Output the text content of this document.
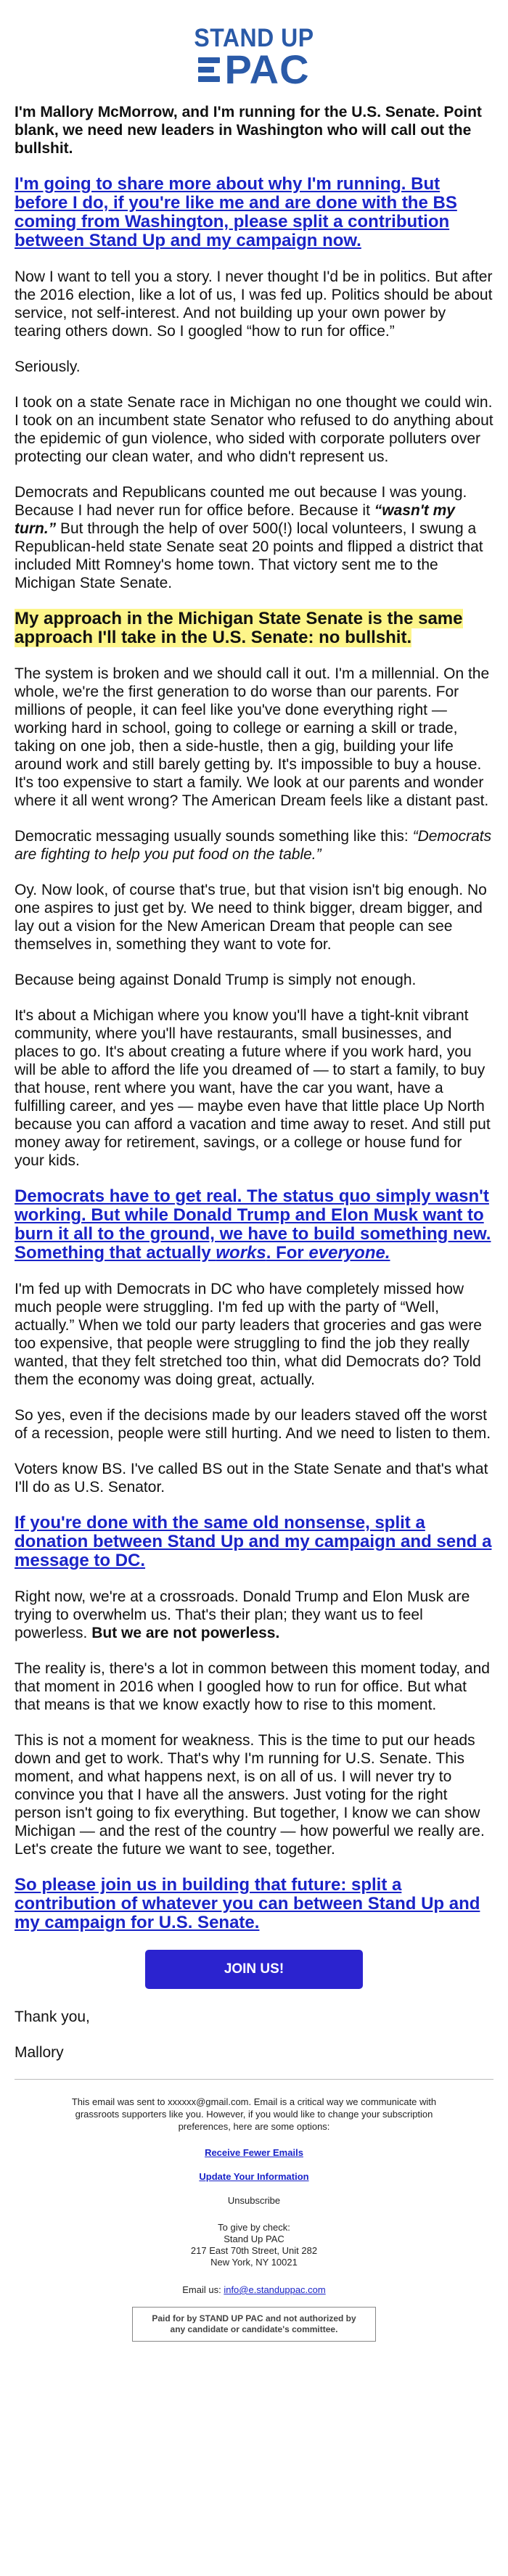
STAND UP
PAC
I'm Mallory McMorrow, and I'm running for the U.S. Senate. Point blank, we need new leaders in Washington who will call out the bullshit.
I'm going to share more about why I'm running. But before I do, if you're like me and are done with the BS coming from Washington, please split a contribution between Stand Up and my campaign now.

Now I want to tell you a story. I never thought I'd be in politics. But after the 2016 election, like a lot of us, I was fed up. Politics should be about service, not self-interest. And not building up your own power by tearing others down. So I googled “how to run for office.”

Seriously.

I took on a state Senate race in Michigan no one thought we could win. I took on an incumbent state Senator who refused to do anything about the epidemic of gun violence, who sided with corporate polluters over protecting our clean water, and who didn't represent us.

Democrats and Republicans counted me out because I was young. Because I had never run for office before. Because it “wasn't my turn.” But through the help of over 500(!) local volunteers, I swung a Republican-held state Senate seat 20 points and flipped a district that included Mitt Romney's home town. That victory sent me to the Michigan State Senate.

My approach in the Michigan State Senate is the same approach I'll take in the U.S. Senate: no bullshit.

The system is broken and we should call it out. I'm a millennial. On the whole, we're the first generation to do worse than our parents. For millions of people, it can feel like you've done everything right — working hard in school, going to college or earning a skill or trade, taking on one job, then a side-hustle, then a gig, building your life around work and still barely getting by. It's impossible to buy a house. It's too expensive to start a family. We look at our parents and wonder where it all went wrong? The American Dream feels like a distant past.

Democratic messaging usually sounds something like this: “Democrats are fighting to help you put food on the table.”

Oy. Now look, of course that's true, but that vision isn't big enough. No one aspires to just get by. We need to think bigger, dream bigger, and lay out a vision for the New American Dream that people can see themselves in, something they want to vote for.

Because being against Donald Trump is simply not enough.

It's about a Michigan where you know you'll have a tight-knit vibrant community, where you'll have restaurants, small businesses, and places to go. It's about creating a future where if you work hard, you will be able to afford the life you dreamed of — to start a family, to buy that house, rent where you want, have the car you want, have a fulfilling career, and yes — maybe even have that little place Up North because you can afford a vacation and time away to reset. And still put money away for retirement, savings, or a college or house fund for your kids.

Democrats have to get real. The status quo simply wasn't working. But while Donald Trump and Elon Musk want to burn it all to the ground, we have to build something new. Something that actually works. For everyone.

I'm fed up with Democrats in DC who have completely missed how much people were struggling. I'm fed up with the party of “Well, actually.” When we told our party leaders that groceries and gas were too expensive, that people were struggling to find the job they really wanted, that they felt stretched too thin, what did Democrats do? Told them the economy was doing great, actually.

So yes, even if the decisions made by our leaders staved off the worst of a recession, people were still hurting. And we need to listen to them.

Voters know BS. I've called BS out in the State Senate and that's what I'll do as U.S. Senator.

If you're done with the same old nonsense, split a donation between Stand Up and my campaign and send a message to DC.

Right now, we're at a crossroads. Donald Trump and Elon Musk are trying to overwhelm us. That's their plan; they want us to feel powerless. But we are not powerless.

The reality is, there's a lot in common between this moment today, and that moment in 2016 when I googled how to run for office. But what that means is that we know exactly how to rise to this moment.

This is not a moment for weakness. This is the time to put our heads down and get to work. That's why I'm running for U.S. Senate. This moment, and what happens next, is on all of us. I will never try to convince you that I have all the answers. Just voting for the right person isn't going to fix everything. But together, I know we can show Michigan — and the rest of the country — how powerful we really are. Let's create the future we want to see, together.

So please join us in building that future: split a contribution of whatever you can between Stand Up and my campaign for U.S. Senate.
JOIN US!

Thank you,

Mallory

This email was sent to xxxxxx@gmail.com. Email is a critical way we communicate with grassroots supporters like you. However, if you would like to change your subscription preferences, here are some options:
Receive Fewer Emails
Update Your Information
Unsubscribe
To give by check:
Stand Up PAC
217 East 70th Street, Unit 282
New York, NY 10021
Email us: info@e.standuppac.com
Paid for by STAND UP PAC and not authorized by
any candidate or candidate's committee.
